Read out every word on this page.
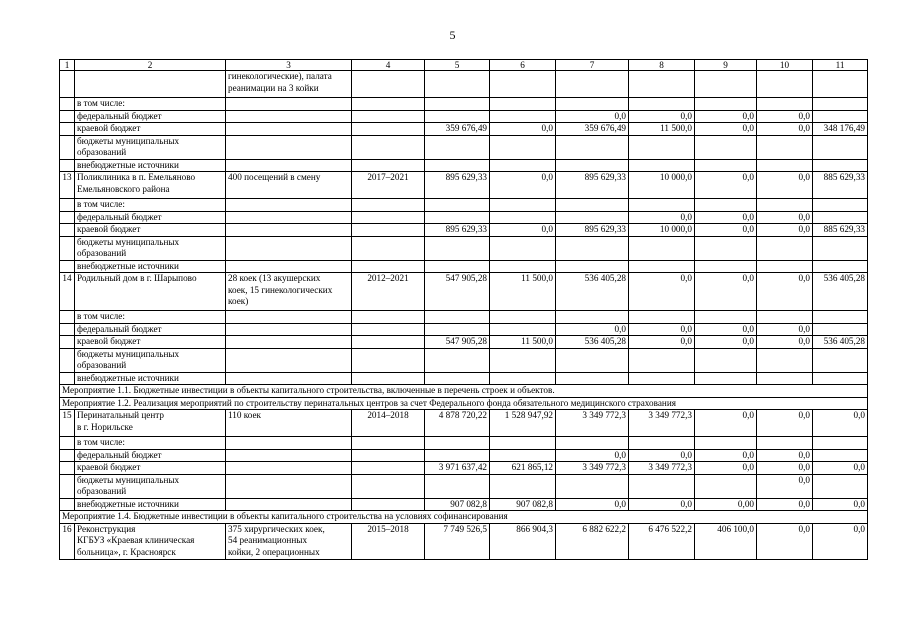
5
1	2	3	4	5	6	7	8	9	10	11
		гинекологические), палата
реанимации на 3 койки								
	в том числе:									
	федеральный бюджет					0,0	0,0	0,0	0,0	
	краевой бюджет			359 676,49	0,0	359 676,49	11 500,0	0,0	0,0	348 176,49
	бюджеты муниципальных
образований									
	внебюджетные источники									
13	Поликлиника в п. Емельяново
Емельяновского района	400 посещений в смену	2017–2021	895 629,33	0,0	895 629,33	10 000,0	0,0	0,0	885 629,33
	в том числе:									
	федеральный бюджет						0,0	0,0	0,0	
	краевой бюджет			895 629,33	0,0	895 629,33	10 000,0	0,0	0,0	885 629,33
	бюджеты муниципальных
образований									
	внебюджетные источники									
14	Родильный дом в г. Шарыпово	28 коек (13 акушерских
коек, 15 гинекологических
коек)	2012–2021	547 905,28	11 500,0	536 405,28	0,0	0,0	0,0	536 405,28
	в том числе:									
	федеральный бюджет					0,0	0,0	0,0	0,0	
	краевой бюджет			547 905,28	11 500,0	536 405,28	0,0	0,0	0,0	536 405,28
	бюджеты муниципальных
образований									
	внебюджетные источники									
Мероприятие 1.1. Бюджетные инвестиции в объекты капитального строительства, включенные в перечень строек и объектов.										
Мероприятие 1.2. Реализация мероприятий по строительству перинатальных центров за счет Федерального фонда обязательного медицинского страхования										
15	Перинатальный центр
в г. Норильске	110 коек	2014–2018	4 878 720,22	1 528 947,92	3 349 772,3	3 349 772,3	0,0	0,0	0,0
	в том числе:									
	федеральный бюджет					0,0	0,0	0,0	0,0	
	краевой бюджет			3 971 637,42	621 865,12	3 349 772,3	3 349 772,3	0,0	0,0	0,0
	бюджеты муниципальных
образований								0,0	
	внебюджетные источники			907 082,8	907 082,8	0,0	0,0	0,00	0,0	0,0
Мероприятие 1.4. Бюджетные инвестиции в объекты капитального строительства на условиях софинансирования										
16	Реконструкция
КГБУЗ «Краевая клиническая
больница», г. Красноярск	375 хирургических коек,
54 реанимационных
койки, 2 операционных	2015–2018	7 749 526,5	866 904,3	6 882 622,2	6 476 522,2	406 100,0	0,0	0,0
